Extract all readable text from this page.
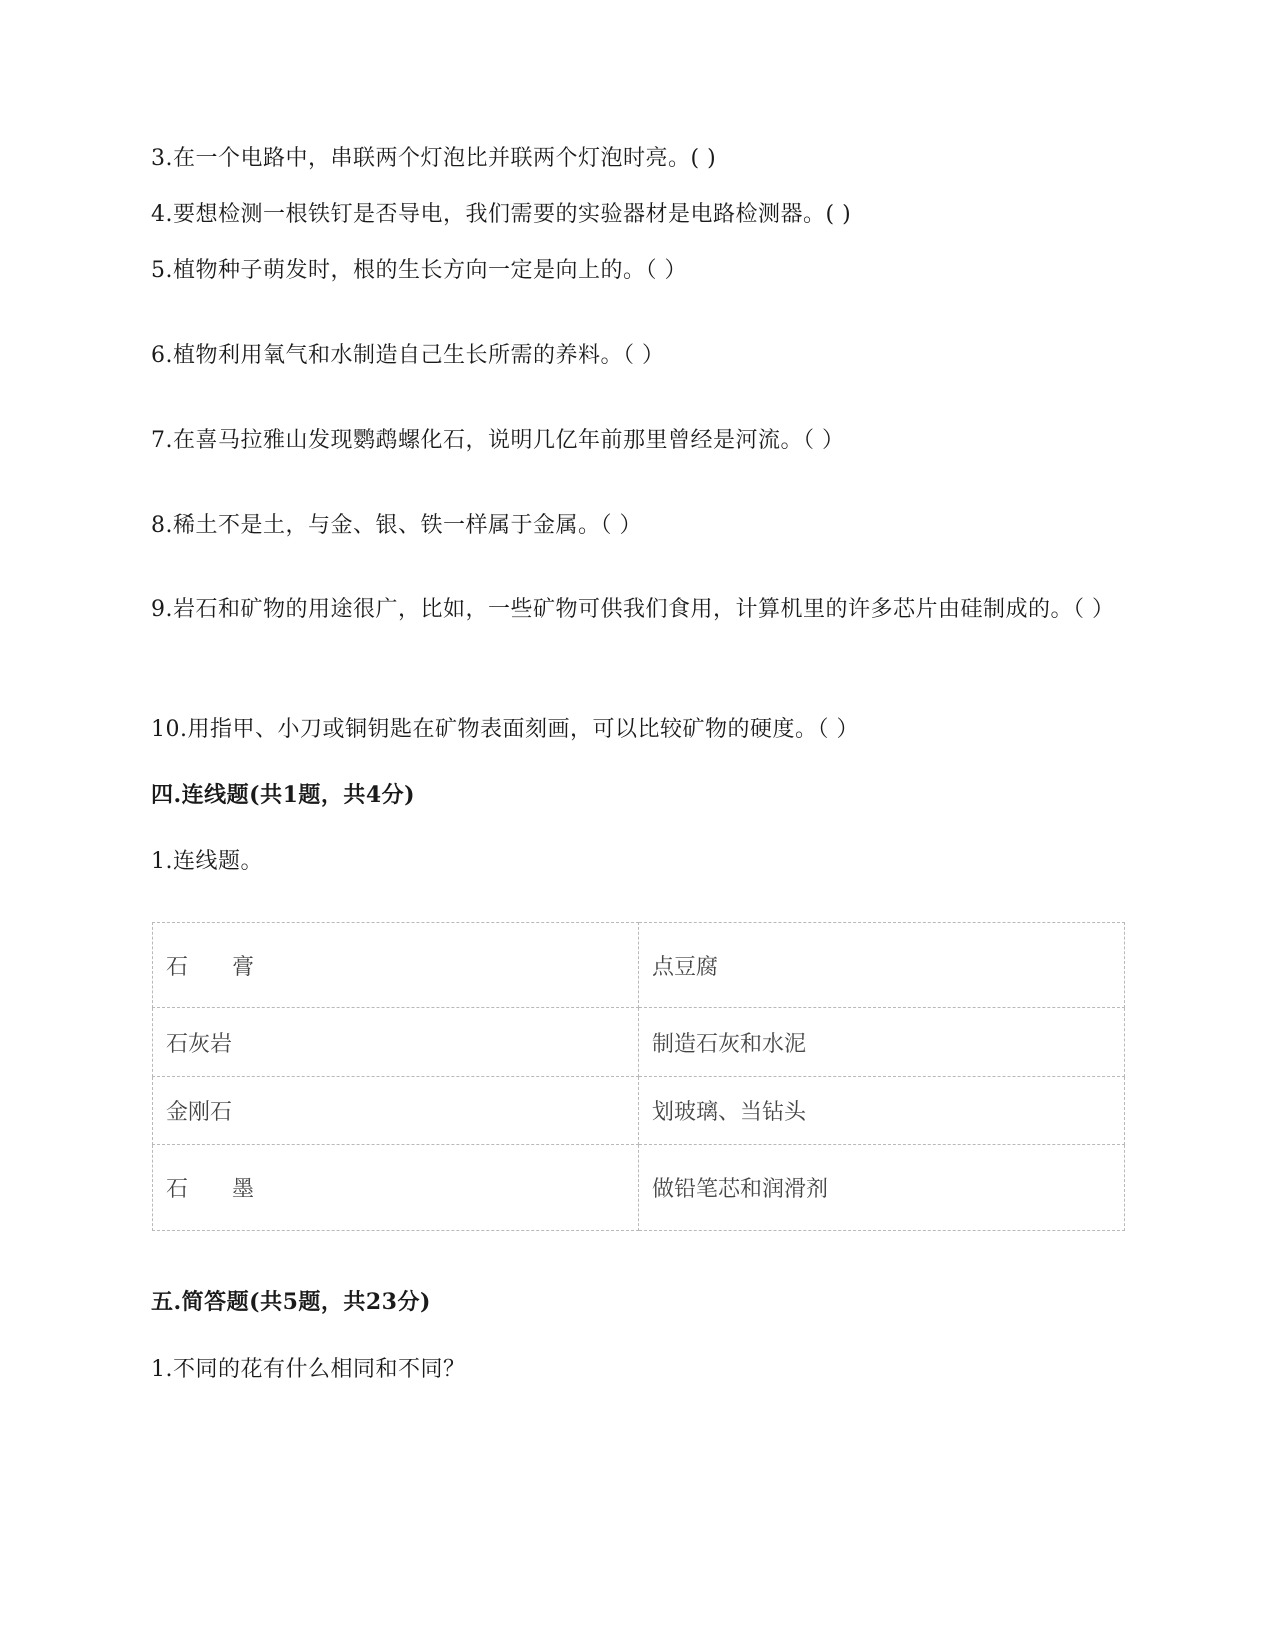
3.在一个电路中，串联两个灯泡比并联两个灯泡时亮。( )
4.要想检测一根铁钉是否导电，我们需要的实验器材是电路检测器。( )
5.植物种子萌发时，根的生长方向一定是向上的。（ ）
6.植物利用氧气和水制造自己生长所需的养料。（ ）
7.在喜马拉雅山发现鹦鹉螺化石，说明几亿年前那里曾经是河流。（ ）
8.稀土不是土，与金、银、铁一样属于金属。（ ）
9.岩石和矿物的用途很广，比如，一些矿物可供我们食用，计算机里的许多芯片由硅制成的。（ ）
10.用指甲、小刀或铜钥匙在矿物表面刻画，可以比较矿物的硬度。（ ）
四.连线题(共1题，共4分)
1.连线题。
石　　膏	点豆腐
石灰岩	制造石灰和水泥
金刚石	划玻璃、当钻头
石　　墨	做铅笔芯和润滑剂
五.简答题(共5题，共23分)
1.不同的花有什么相同和不同？
